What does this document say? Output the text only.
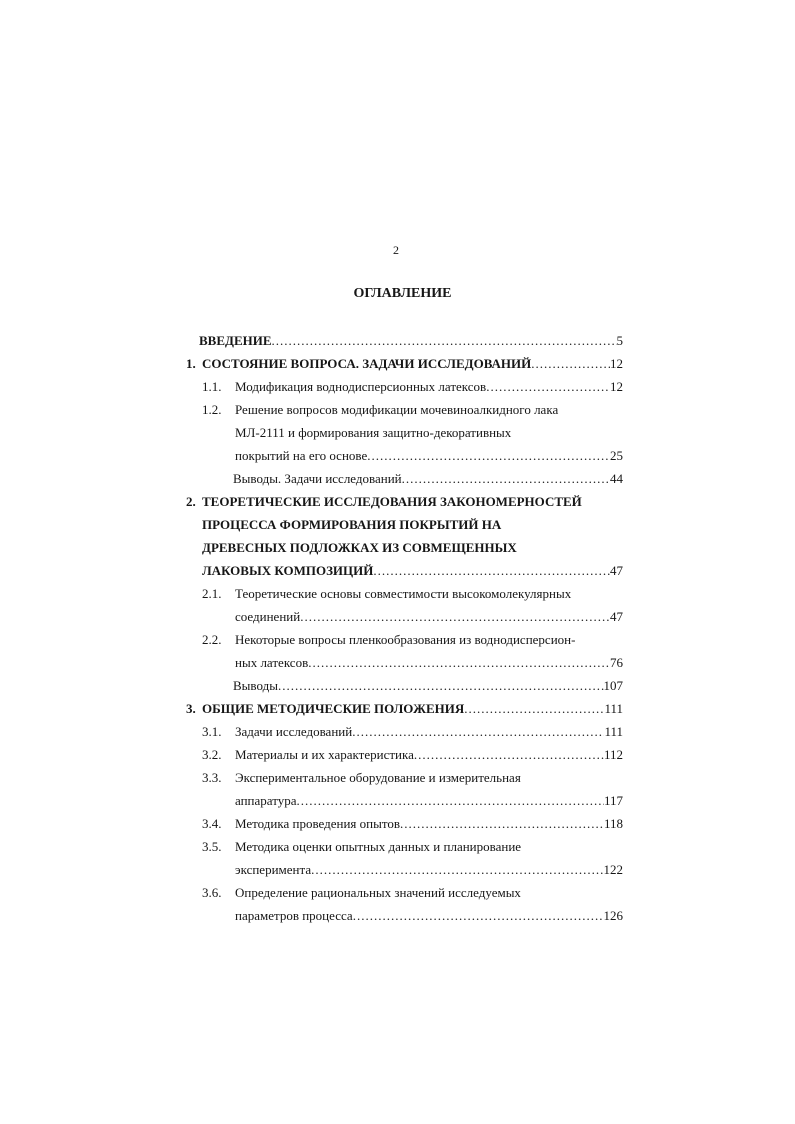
2
ОГЛАВЛЕНИЕ
ВВЕДЕНИЕ .....	5
1. СОСТОЯНИЕ ВОПРОСА. ЗАДАЧИ ИССЛЕДОВАНИЙ .....	12
1.1. Модификация воднодисперсионных латексов .....	12
1.2. Решение вопросов модификации мочевиноалкидного лака
МЛ-2111 и формирования защитно-декоративных
покрытий на его основе .....	25
Выводы. Задачи исследований .....	44
2. ТЕОРЕТИЧЕСКИЕ ИССЛЕДОВАНИЯ ЗАКОНОМЕРНОСТЕЙ
ПРОЦЕССА ФОРМИРОВАНИЯ ПОКРЫТИЙ НА
ДРЕВЕСНЫХ ПОДЛОЖКАХ ИЗ СОВМЕЩЕННЫХ
ЛАКОВЫХ КОМПОЗИЦИЙ .....	47
2.1. Теоретические основы совместимости высокомолекулярных
соединений .....	47
2.2. Некоторые вопросы пленкообразования из воднодисперсион-
ных латексов .....	76
Выводы .....	107
3. ОБЩИЕ МЕТОДИЧЕСКИЕ ПОЛОЖЕНИЯ .....	111
3.1. Задачи исследований .....	111
3.2. Материалы и их характеристика .....	112
3.3. Экспериментальное оборудование и измерительная
аппаратура .....	117
3.4. Методика проведения опытов .....	118
3.5. Методика оценки опытных данных и планирование
эксперимента .....	122
3.6. Определение рациональных значений исследуемых
параметров процесса .....	126
